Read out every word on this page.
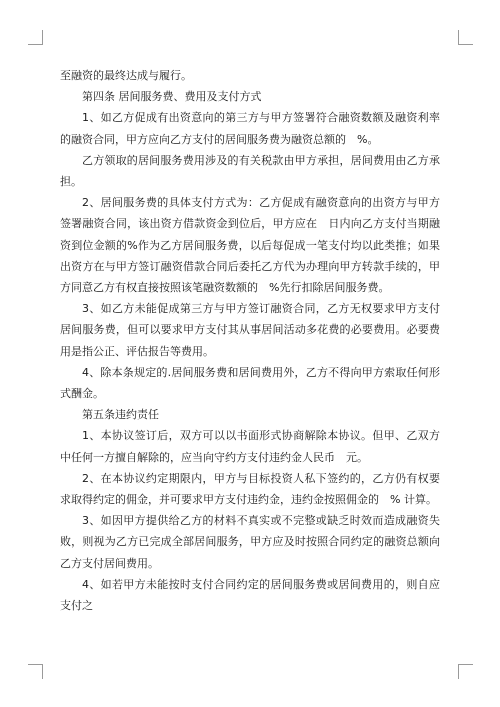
至融资的最终达成与履行。

第四条 居间服务费、费用及支付方式

1、如乙方促成有出资意向的第三方与甲方签署符合融资数额及融资利率的融资合同，甲方应向乙方支付的居间服务费为融资总额的　%。

乙方领取的居间服务费用涉及的有关税款由甲方承担，居间费用由乙方承担。

2、居间服务费的具体支付方式为：乙方促成有融资意向的出资方与甲方签署融资合同，该出资方借款资金到位后，甲方应在　日内向乙方支付当期融资到位金额的%作为乙方居间服务费，以后每促成一笔支付均以此类推；如果出资方在与甲方签订融资借款合同后委托乙方代为办理向甲方转款手续的，甲方同意乙方有权直接按照该笔融资数额的　%先行扣除居间服务费。

3、如乙方未能促成第三方与甲方签订融资合同，乙方无权要求甲方支付居间服务费，但可以要求甲方支付其从事居间活动多花费的必要费用。必要费用是指公正、评估报告等费用。

4、除本条规定的.居间服务费和居间费用外，乙方不得向甲方索取任何形式酬金。

第五条违约责任

1、本协议签订后，双方可以以书面形式协商解除本协议。但甲、乙双方中任何一方擅自解除的，应当向守约方支付违约金人民币　元。

2、在本协议约定期限内，甲方与目标投资人私下签约的，乙方仍有权要求取得约定的佣金，并可要求甲方支付违约金，违约金按照佣金的　% 计算。

3、如因甲方提供给乙方的材料不真实或不完整或缺乏时效而造成融资失败，则视为乙方已完成全部居间服务，甲方应及时按照合同约定的融资总额向乙方支付居间费用。

4、如若甲方未能按时支付合同约定的居间服务费或居间费用的，则自应支付之
